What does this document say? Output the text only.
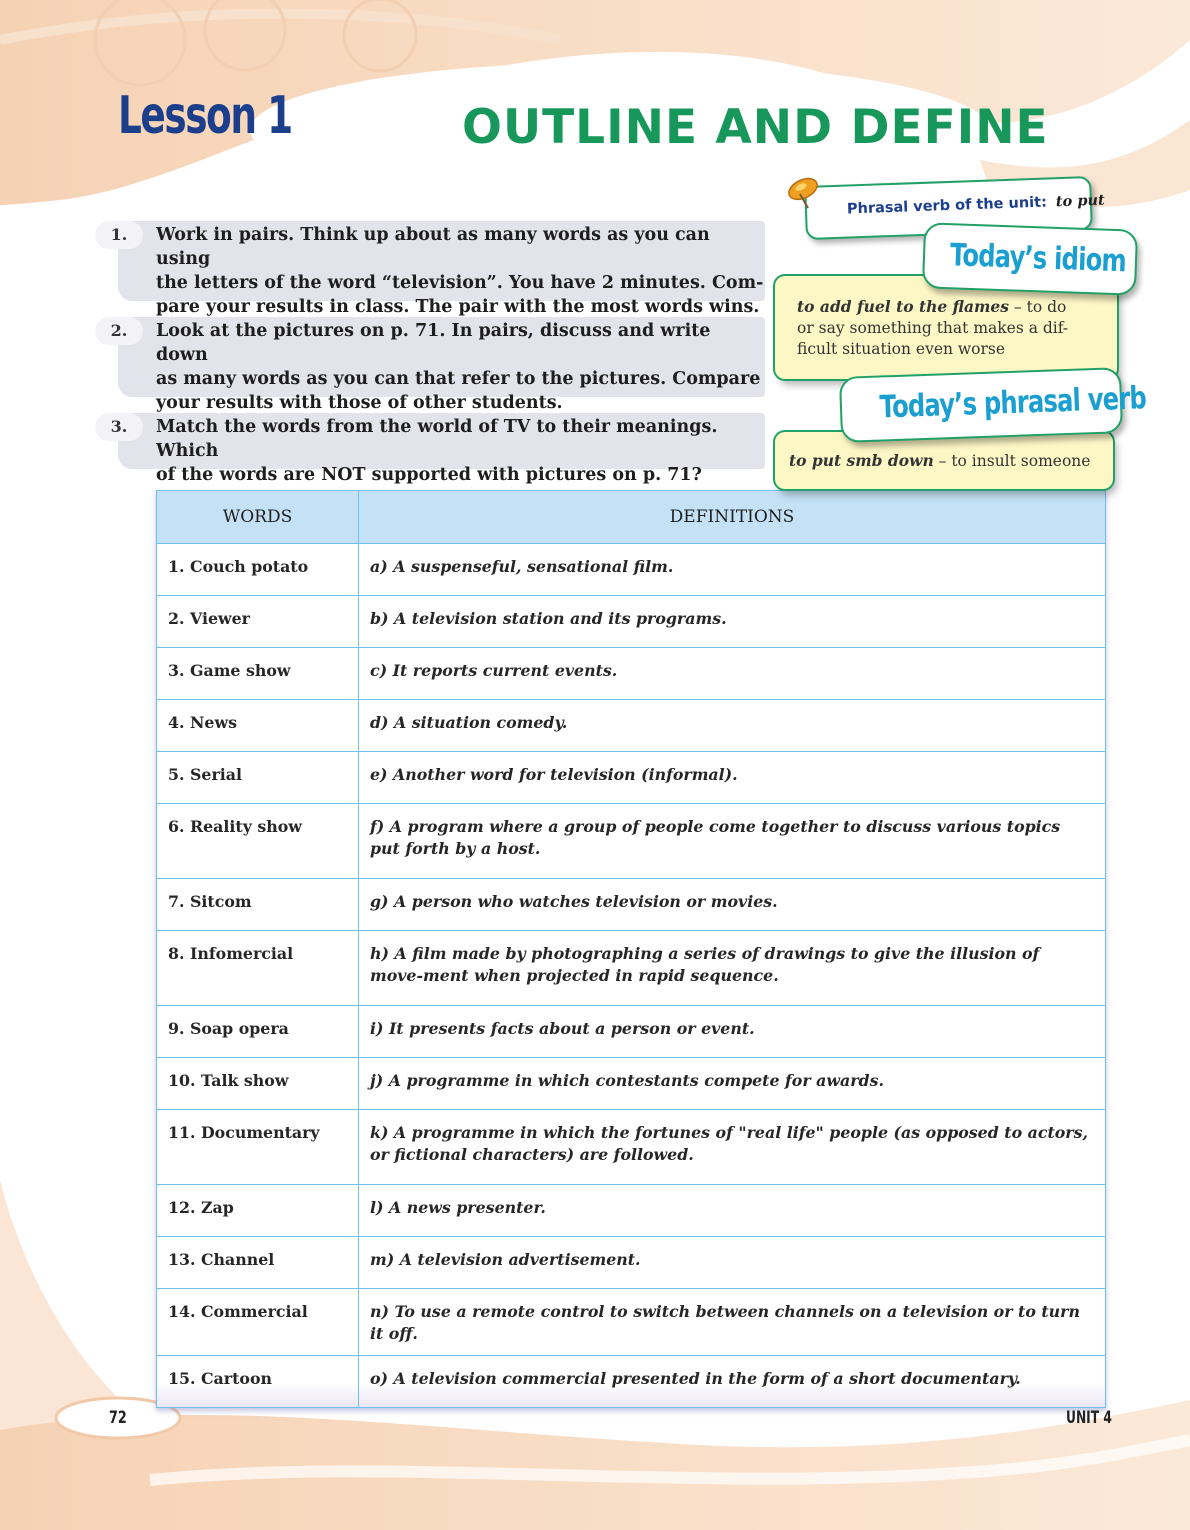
Lesson 1	OUTLINE AND DEFINE
1.	Work in pairs. Think up about as many words as you can using
the letters of the word “television”. You have 2 minutes. Com-
pare your results in class. The pair with the most words wins.
2.	Look at the pictures on p. 71. In pairs, discuss and write down
as many words as you can that refer to the pictures. Compare
your results with those of other students.
3.	Match the words from the world of TV to their meanings. Which
of the words are NOT supported with pictures on p. 71?
Phrasal verb of the unit: to put
to add fuel to the flames – to do
or say something that makes a dif-
ficult situation even worse
Today’s idiom
to put smb down – to insult someone
Today’s phrasal verb
WORDS	DEFINITIONS
1. Couch potato	a) A suspenseful, sensational film.
2. Viewer	b) A television station and its programs.
3. Game show	c) It reports current events.
4. News	d) A situation comedy.
5. Serial	e) Another word for television (informal).
6. Reality show	f) A program where a group of people come together to discuss various topics put forth by a host.
7. Sitcom	g) A person who watches television or movies.
8. Infomercial	h) A film made by photographing a series of drawings to give the illusion of move-ment when projected in rapid sequence.
9. Soap opera	i) It presents facts about a person or event.
10. Talk show	j) A programme in which contestants compete for awards.
11. Documentary	k) A programme in which the fortunes of "real life" people (as opposed to actors, or fictional characters) are followed.
12. Zap	l) A news presenter.
13. Channel	m) A television advertisement.
14. Commercial	n) To use a remote control to switch between channels on a television or to turn it off.
15. Cartoon	o) A television commercial presented in the form of a short documentary.
72	UNIT 4
